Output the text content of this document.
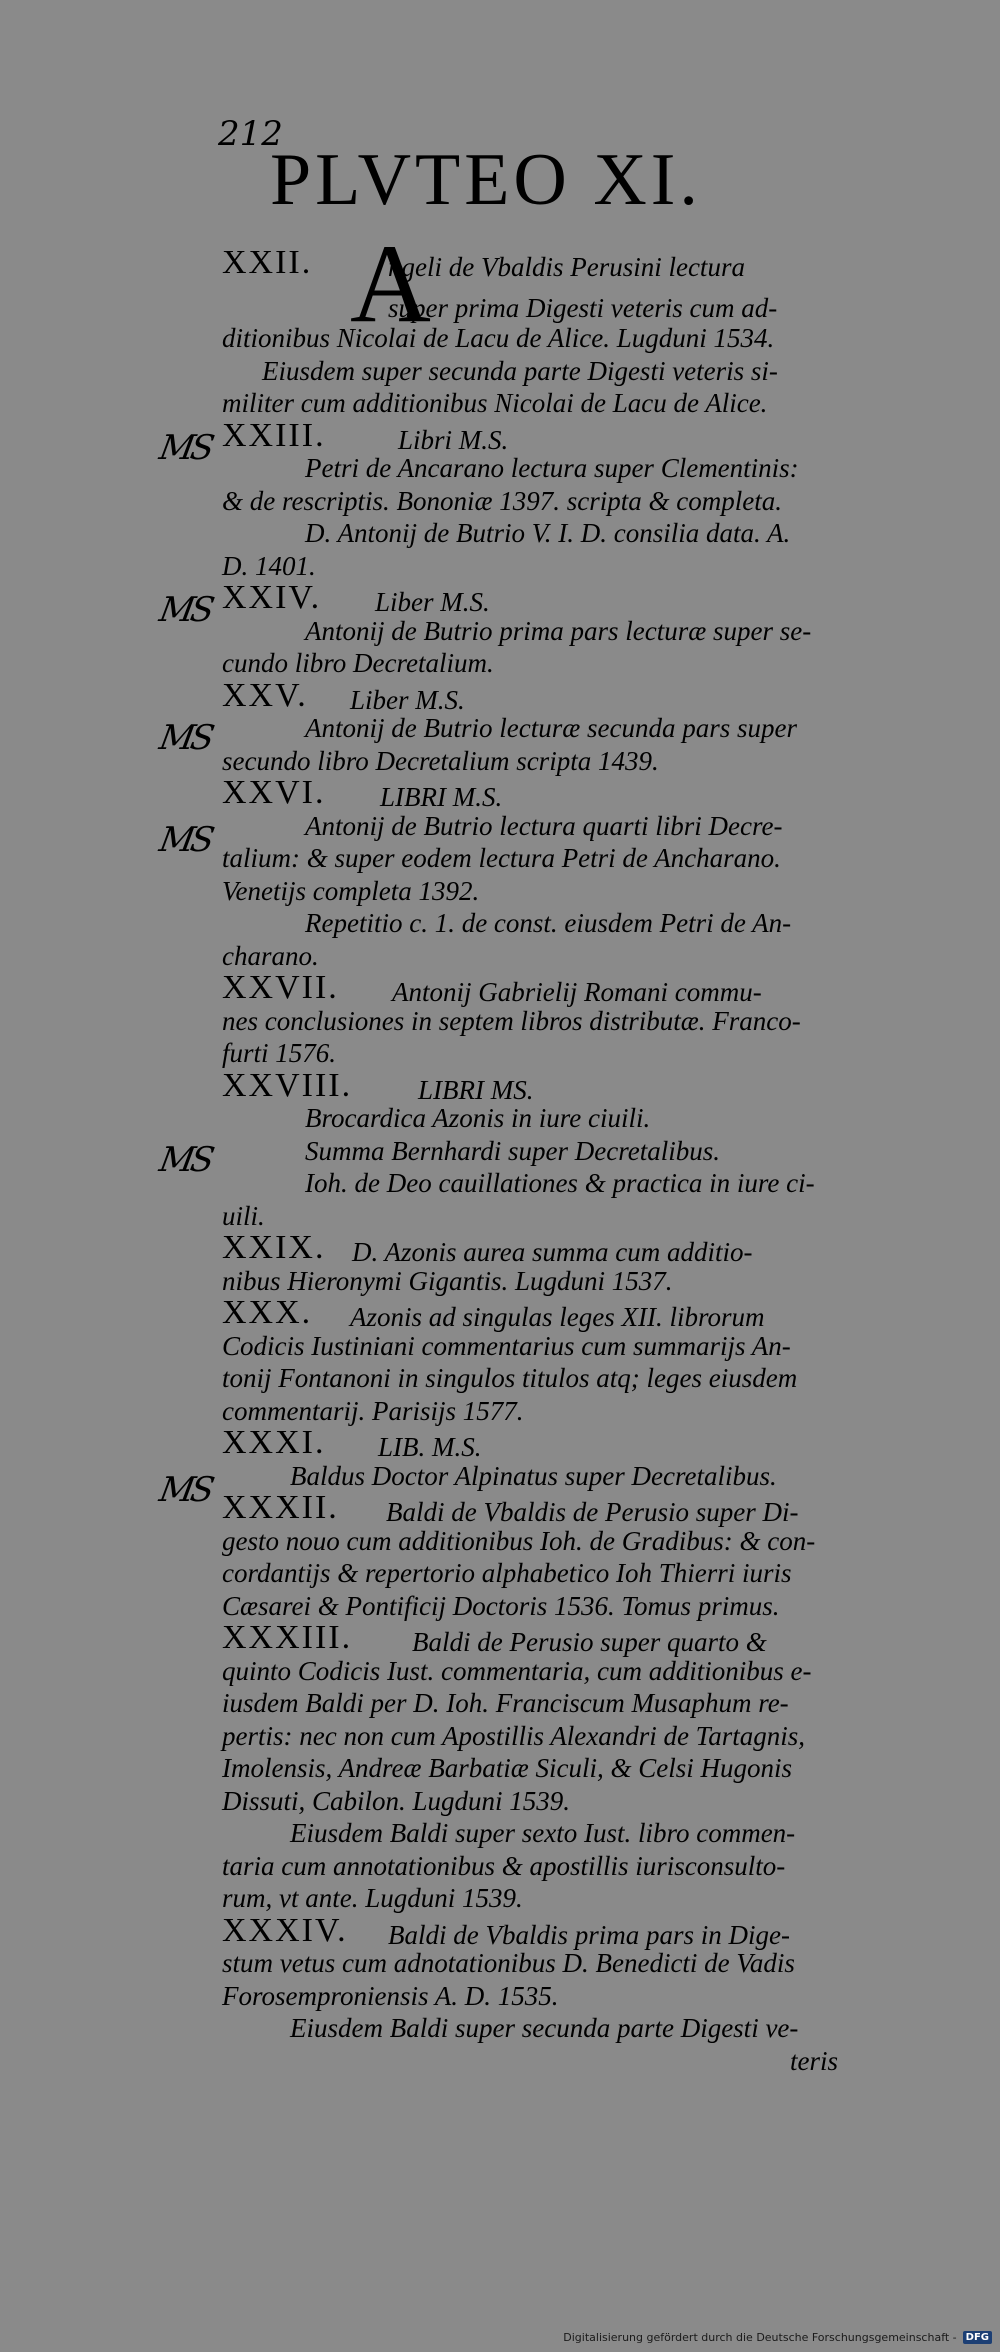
212
PLVTEO XI.
A
XXII.	ngeli de Vbaldis Perusini lectura
super prima Digesti veteris cum ad-
ditionibus Nicolai de Lacu de Alice. Lugduni 1534.
Eiusdem super secunda parte Digesti veteris si-
militer cum additionibus Nicolai de Lacu de Alice.
XXIII.	Libri M.S.
Petri de Ancarano lectura super Clementinis:
& de rescriptis. Bononiæ 1397. scripta & completa.
D. Antonij de Butrio V. I. D. consilia data. A.
D. 1401.
XXIV. Liber M.S.
Antonij de Butrio prima pars lecturæ super se-
cundo libro Decretalium.
XXV. Liber M.S.
Antonij de Butrio lecturæ secunda pars super
secundo libro Decretalium scripta 1439.
XXVI. LIBRI M.S.
Antonij de Butrio lectura quarti libri Decre-
talium: & super eodem lectura Petri de Ancharano.
Venetijs completa 1392.
Repetitio c. 1. de const. eiusdem Petri de An-
charano.
XXVII. Antonij Gabrielij Romani commu-
nes conclusiones in septem libros distributæ. Franco-
furti 1576.
XXVIII. LIBRI MS.
Brocardica Azonis in iure ciuili.
Summa Bernhardi super Decretalibus.
Ioh. de Deo cauillationes & practica in iure ci-
uili.
XXIX. D. Azonis aurea summa cum additio-
nibus Hieronymi Gigantis. Lugduni 1537.
XXX. Azonis ad singulas leges XII. librorum
Codicis Iustiniani commentarius cum summarijs An-
tonij Fontanoni in singulos titulos atq; leges eiusdem
commentarij. Parisijs 1577.
XXXI. LIB. M.S.
Baldus Doctor Alpinatus super Decretalibus.
XXXII. Baldi de Vbaldis de Perusio super Di-
gesto nouo cum additionibus Ioh. de Gradibus: & con-
cordantijs & repertorio alphabetico Ioh Thierri iuris
Cæsarei & Pontificij Doctoris 1536. Tomus primus.
XXXIII. Baldi de Perusio super quarto &
quinto Codicis Iust. commentaria, cum additionibus e-
iusdem Baldi per D. Ioh. Franciscum Musaphum re-
pertis: nec non cum Apostillis Alexandri de Tartagnis,
Imolensis, Andreæ Barbatiæ Siculi, & Celsi Hugonis
Dissuti, Cabilon. Lugduni 1539.
Eiusdem Baldi super sexto Iust. libro commen-
taria cum annotationibus & apostillis iurisconsulto-
rum, vt ante. Lugduni 1539.
XXXIV. Baldi de Vbaldis prima pars in Dige-
stum vetus cum adnotationibus D. Benedicti de Vadis
Forosemproniensis A. D. 1535.
Eiusdem Baldi super secunda parte Digesti ve-
teris
MS
MS
MS
MS
MS
MS
Digitalisierung gefördert durch die Deutsche Forschungsgemeinschaft - DFG
